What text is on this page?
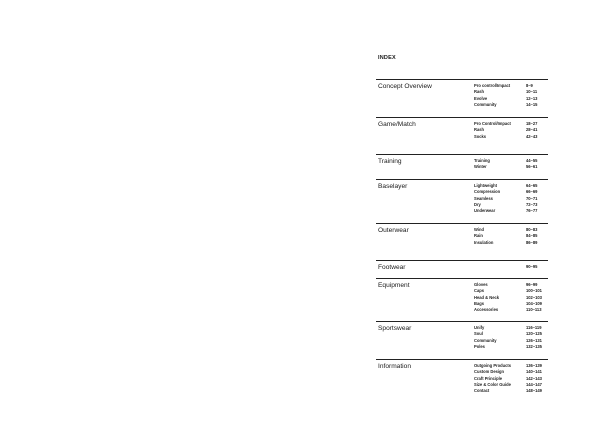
INDEX
Concept Overview	Pro control/Impact	8–9
Rash	10–11
Evolve	12–13
Community	14–15
Game/Match	Pro Control/Impact	18–27
Rash	28–41
Socks	42–43
Training	Training	44–55
Winter	56–61
Baselayer	Lightweight	64–65
Compression	66–69
Seamless	70–71
Dry	72–73
Underwear	76–77
Outerwear	Wind	80–83
Rain	84–85
Insulation	86–89
Footwear	90–95
Equipment	Gloves	96–99
Caps	100–101
Head & Neck	102–103
Bags	104–109
Accessories	110–113
Sportswear	Unify	116–119
Soul	120–125
Community	126–131
Poles	132–135
Information	Outgoing Products	136–139
Custom Design	140–141
Craft Principle	142–143
Size & Color Guide	144–147
Contact	148–149
